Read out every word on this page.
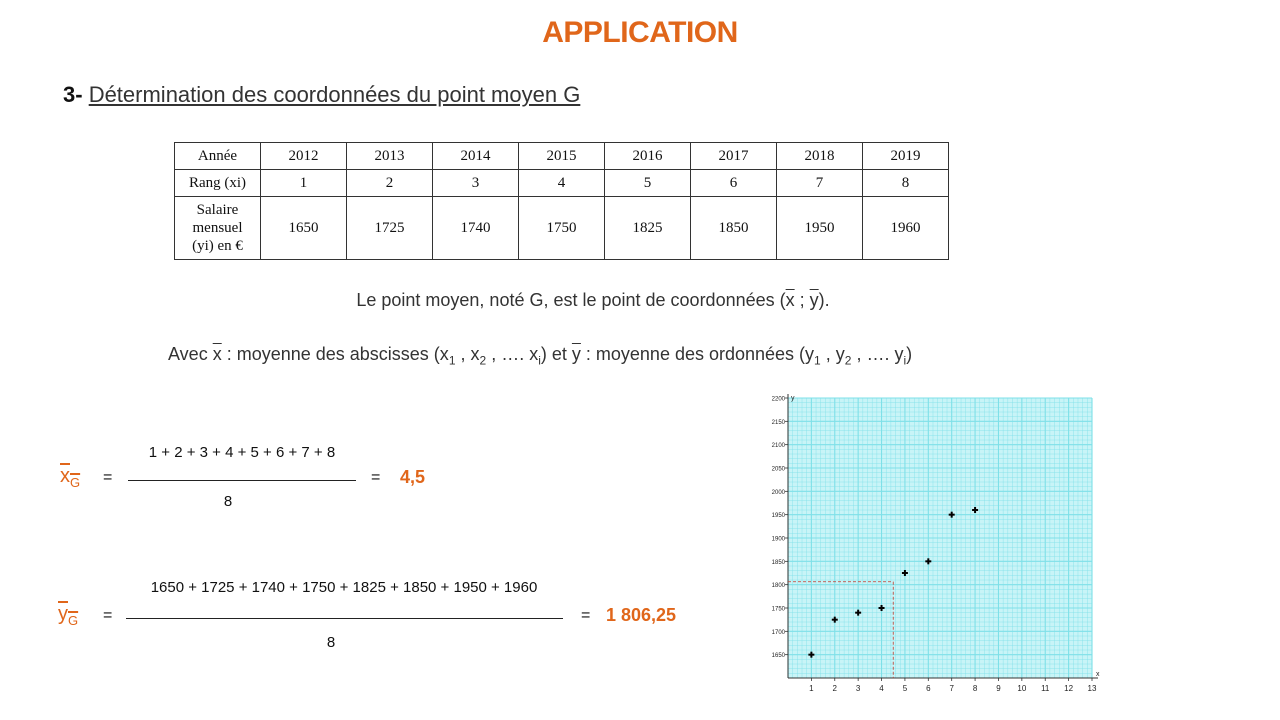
APPLICATION
3- Détermination des coordonnées du point moyen G
Année	2012	2013	2014	2015	2016	2017	2018	2019
Rang (xi)	1	2	3	4	5	6	7	8
Salaire
mensuel
(yi) en €	1650	1725	1740	1750	1825	1850	1950	1960
Le point moyen, noté G, est le point de coordonnées ($\overline{x}$ ; $\overline{y}$).
Avec $\overline{x}$ : moyenne des abscisses ($x_1$ , $x_2$ , …. $x_i$) et $\overline{y}$ : moyenne des ordonnées ($y_1$ , $y_2$ , …. $y_i$)
$x_G$ =
1 + 2 + 3 + 4 + 5 + 6 + 7 + 8
8
= 4,5
$y_G$ =
1650 + 1725 + 1740 + 1750 + 1825 + 1850 + 1950 + 1960
8
= 1 806,25
1 2 3 4 5 6 7 8 9 10 11 12 13
1650
1700
1750
1800
1850
1900
1950
2000
2050
2100
2150
2200
x
y
